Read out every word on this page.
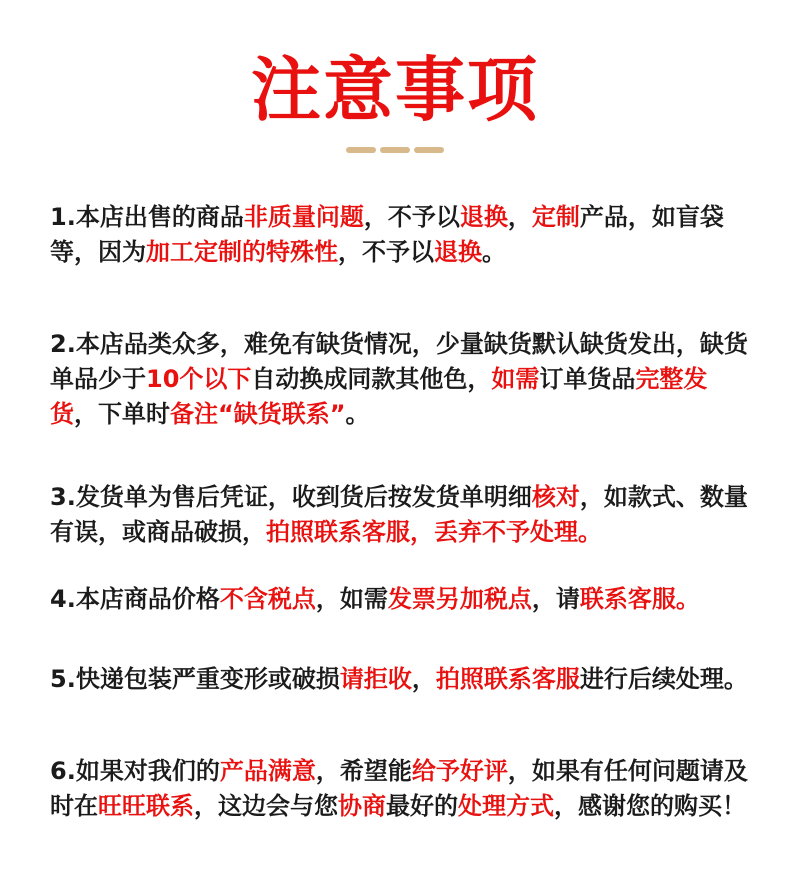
注意事项
1.本店出售的商品非质量问题，不予以退换，定制产品，如盲袋等，因为加工定制的特殊性，不予以退换。
2.本店品类众多，难免有缺货情况，少量缺货默认缺货发出，缺货单品少于10个以下自动换成同款其他色，如需订单货品完整发货，下单时备注“缺货联系”。
3.发货单为售后凭证，收到货后按发货单明细核对，如款式、数量有误，或商品破损，拍照联系客服，丢弃不予处理。
4.本店商品价格不含税点，如需发票另加税点，请联系客服。
5.快递包装严重变形或破损请拒收，拍照联系客服进行后续处理。
6.如果对我们的产品满意，希望能给予好评，如果有任何问题请及时在旺旺联系，这边会与您协商最好的处理方式，感谢您的购买！
